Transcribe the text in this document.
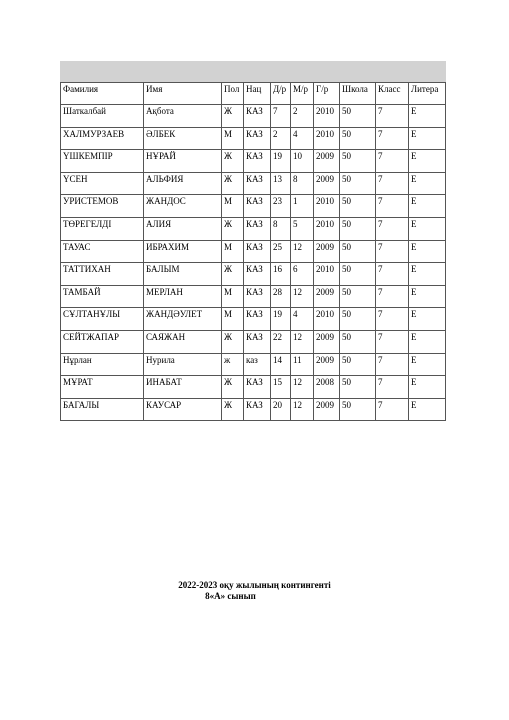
Фамилия	Имя	Пол	Нац	Д/р	М/р	Г/р	Школа	Класс	Литера
Шаткалбай	Ақбота	Ж	КАЗ	7	2	2010	50	7	Е
ХАЛМУРЗАЕВ	ӘЛБЕК	М	КАЗ	2	4	2010	50	7	Е
ҮШКЕМПІР	НҰРАЙ	Ж	КАЗ	19	10	2009	50	7	Е
ҮСЕН	АЛЬФИЯ	Ж	КАЗ	13	8	2009	50	7	Е
УРИСТЕМОВ	ЖАНДОС	М	КАЗ	23	1	2010	50	7	Е
ТӨРЕГЕЛДІ	АЛИЯ	Ж	КАЗ	8	5	2010	50	7	Е
ТАУАС	ИБРАХИМ	М	КАЗ	25	12	2009	50	7	Е
ТАТТИХАН	БАЛЫМ	Ж	КАЗ	16	6	2010	50	7	Е
ТАМБАЙ	МЕРЛАН	М	КАЗ	28	12	2009	50	7	Е
СҰЛТАНҰЛЫ	ЖАНДӘУЛЕТ	М	КАЗ	19	4	2010	50	7	Е
СЕЙТЖАПАР	САЯЖАН	Ж	КАЗ	22	12	2009	50	7	Е
Нұрлан	Нурила	ж	каз	14	11	2009	50	7	Е
МҰРАТ	ИНАБАТ	Ж	КАЗ	15	12	2008	50	7	Е
БАГАЛЫ	КАУСАР	Ж	КАЗ	20	12	2009	50	7	Е
2022-2023 оқу жылының контингенті
8«А» сынып
